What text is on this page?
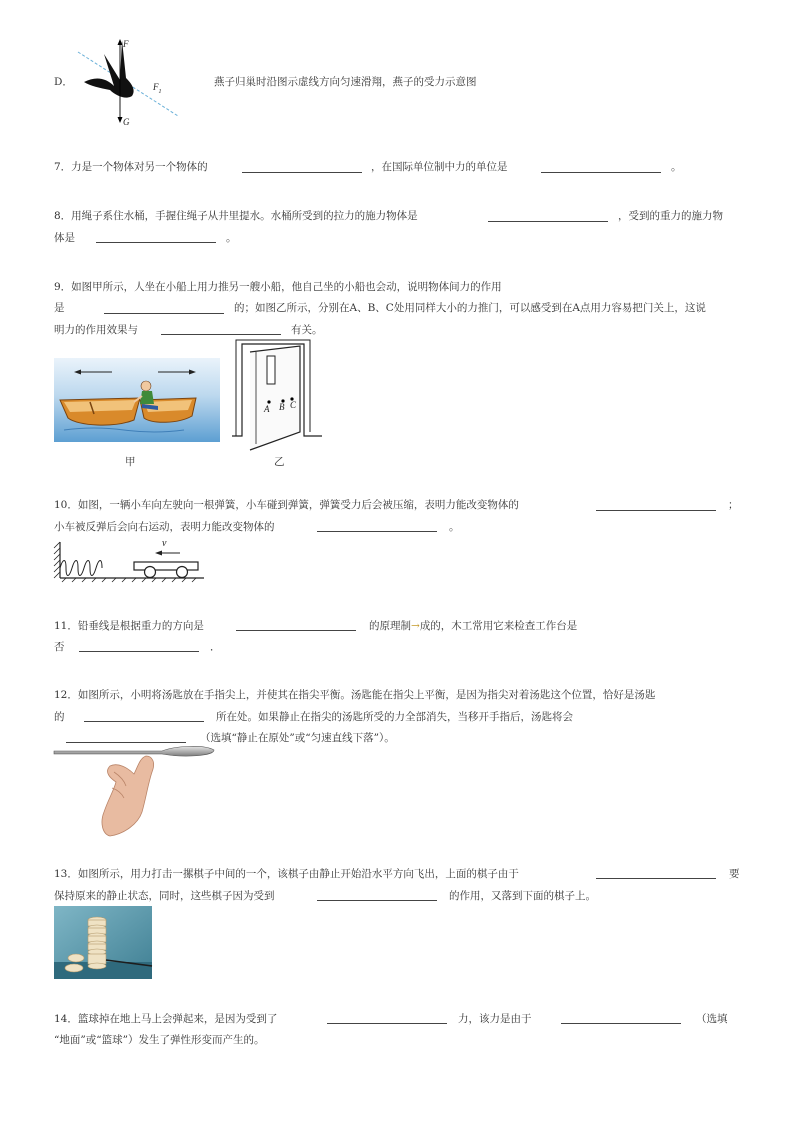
D．
F
$F_1$
G
燕子归巢时沿图示虚线方向匀速滑翔，燕子的受力示意图
7．力是一个物体对另一个物体的	，在国际单位制中力的单位是	。
8．用绳子系住水桶，手握住绳子从井里提水。水桶所受到的拉力的施力物体是	，受到的重力的施力物
体是	。
9．如图甲所示，人坐在小船上用力推另一艘小船，他自己坐的小船也会动，说明物体间力的作用
是	的；如图乙所示，分别在A、B、C处用同样大小的力推门，可以感受到在A点用力容易把门关上，这说
明力的作用效果与	有关。
甲
A B C
乙
10．如图，一辆小车向左驶向一根弹簧，小车碰到弹簧，弹簧受力后会被压缩，表明力能改变物体的	；
小车被反弹后会向右运动，表明力能改变物体的	。
v
11．铅垂线是根据重力的方向是	的原理制→成的，木工常用它来检查工作台是
否	．
12．如图所示，小明将汤匙放在手指尖上，并使其在指尖平衡。汤匙能在指尖上平衡，是因为指尖对着汤匙这个位置，恰好是汤匙
的	所在处。如果静止在指尖的汤匙所受的力全部消失，当移开手指后，汤匙将会
（选填“静止在原处”或“匀速直线下落”）。
13．如图所示，用力打击一摞棋子中间的一个，该棋子由静止开始沿水平方向飞出，上面的棋子由于	要
保持原来的静止状态，同时，这些棋子因为受到	的作用，又落到下面的棋子上。
14．篮球掉在地上马上会弹起来，是因为受到了	力，该力是由于	（选填
“地面”或“篮球”）发生了弹性形变而产生的。
